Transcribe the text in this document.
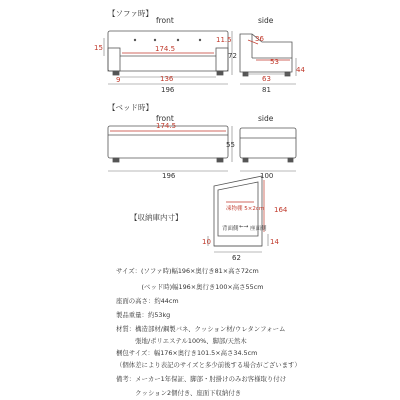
【ソファ時】
【ベッド時】
【収納庫内寸】
front	side
front	side
15	174.5
11.5
72
9	136
196
36
53
63
44
81
174.5
55
196	100
凍物棚 5×2cm 164
背面側 ←→ 座面側
10	14
62
サイズ：(ソファ時)幅196×奥行き81×高さ72cm
　　　　(ベッド時)幅196×奥行き100×高さ55cm
座面の高さ：約44cm
製品重量：約53kg
材質：構造部材/鋼製バネ、クッション材/ウレタンフォーム
　　　張地/ポリエステル100%、脚部/天然木
梱包サイズ：幅176×奥行き101.5×高さ34.5cm
（個体差により表記のサイズと多少前後する場合がございます）
備考：メーカー1年保証、脚部・肘掛けのみお客様取り付け
　　　クッション2個付き、座面下収納付き
